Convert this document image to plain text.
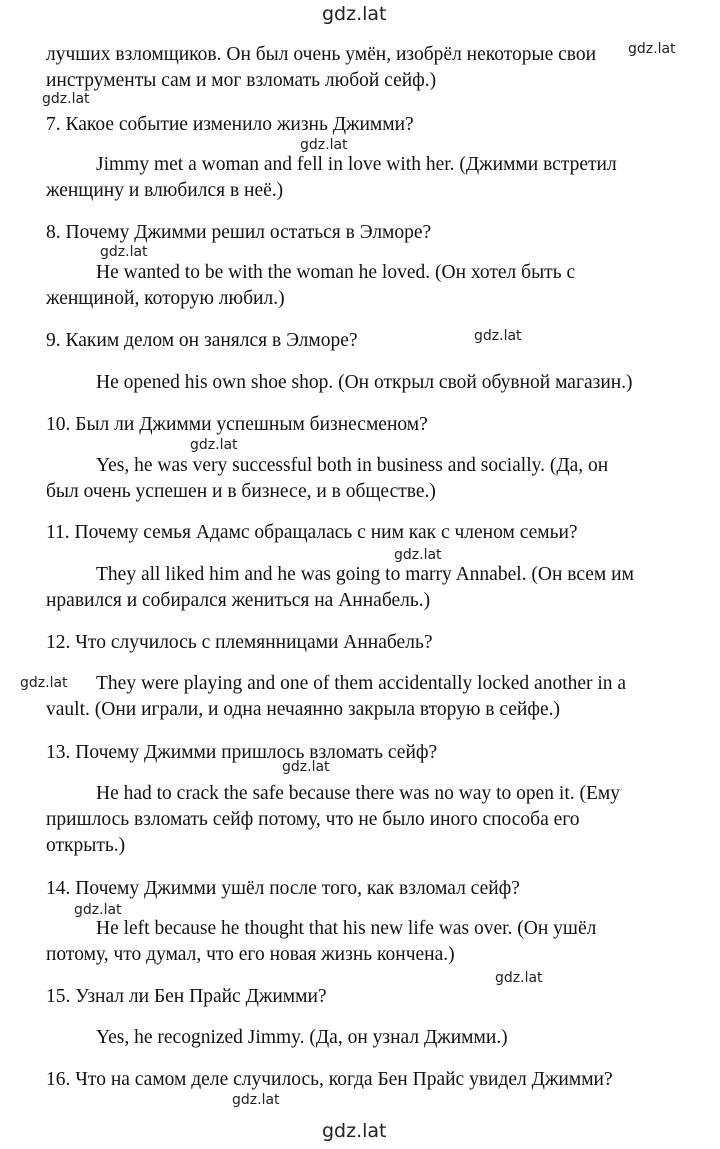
gdz.lat
gdz.lat
gdz.lat
gdz.lat
gdz.lat
gdz.lat
gdz.lat
gdz.lat
gdz.lat
gdz.lat
gdz.lat
gdz.lat
gdz.lat
gdz.lat

лучших взломщиков. Он был очень умён, изобрёл некоторые свои

инструменты сам и мог взломать любой сейф.)

7. Какое событие изменило жизнь Джимми?

Jimmy met a woman and fell in love with her. (Джимми встретил
женщину и влюбился в неё.)

8. Почему Джимми решил остаться в Элморе?

He wanted to be with the woman he loved. (Он хотел быть с
женщиной, которую любил.)

9. Каким делом он занялся в Элморе?

He opened his own shoe shop. (Он открыл свой обувной магазин.)

10. Был ли Джимми успешным бизнесменом?

Yes, he was very successful both in business and socially. (Да, он
был очень успешен и в бизнесе, и в обществе.)

11. Почему семья Адамс обращалась с ним как с членом семьи?

They all liked him and he was going to marry Annabel. (Он всем им
нравился и собирался жениться на Аннабель.)

12. Что случилось с племянницами Аннабель?

They were playing and one of them accidentally locked another in a
vault. (Они играли, и одна нечаянно закрыла вторую в сейфе.)

13. Почему Джимми пришлось взломать сейф?

He had to crack the safe because there was no way to open it. (Ему
пришлось взломать сейф потому, что не было иного способа его
открыть.)

14. Почему Джимми ушёл после того, как взломал сейф?

He left because he thought that his new life was over. (Он ушёл
потому, что думал, что его новая жизнь кончена.)

15. Узнал ли Бен Прайс Джимми?

Yes, he recognized Jimmy. (Да, он узнал Джимми.)

16. Что на самом деле случилось, когда Бен Прайс увидел Джимми?
